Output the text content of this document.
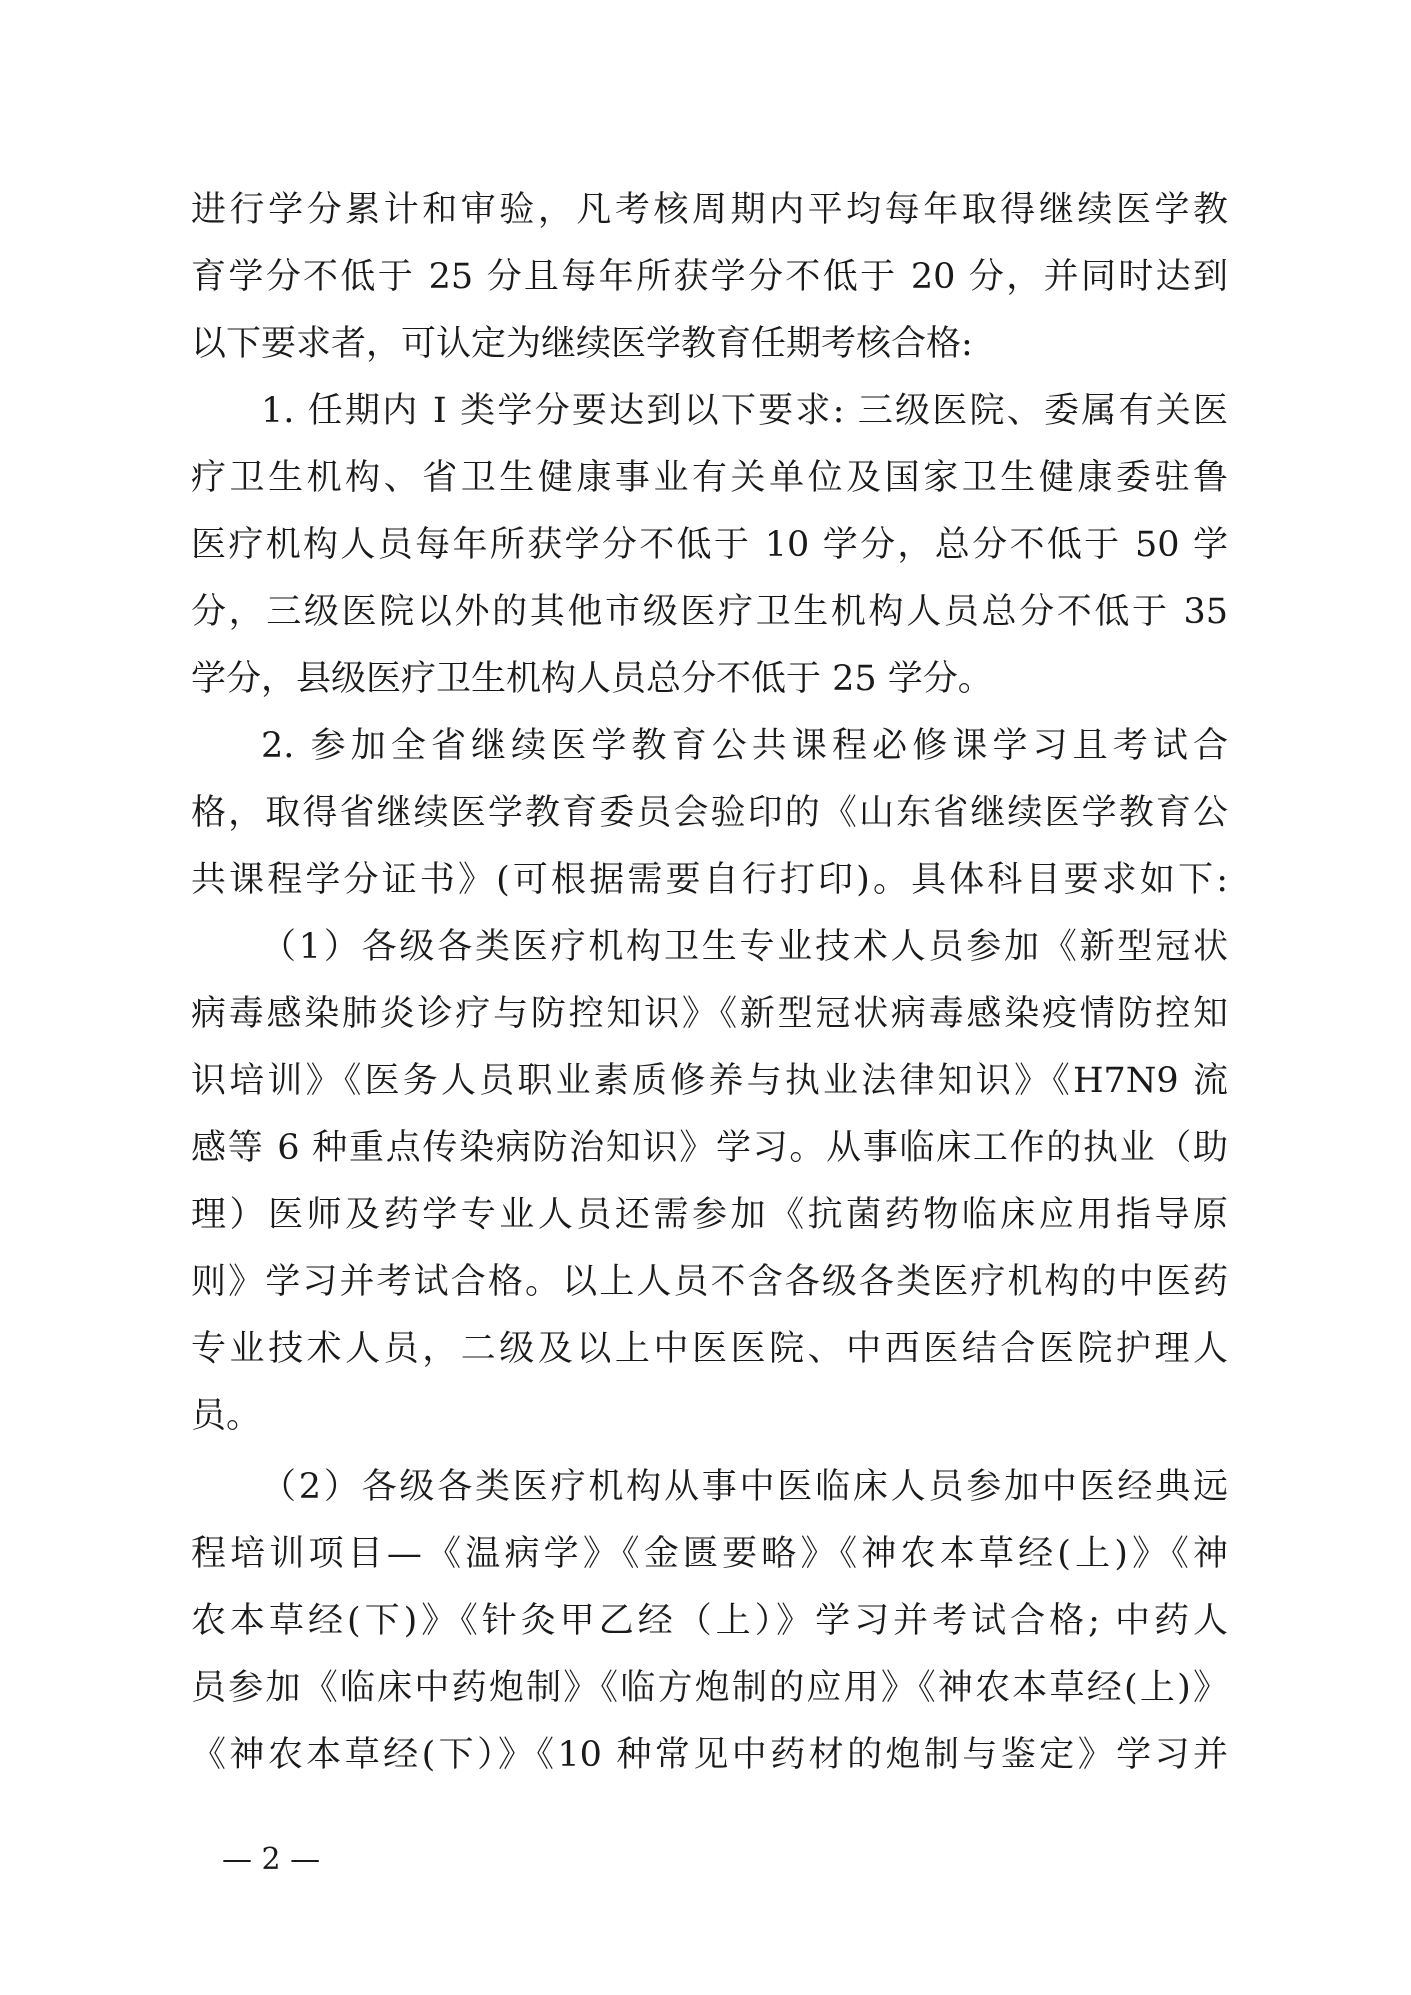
进行学分累计和审验，凡考核周期内平均每年取得继续医学教
育学分不低于 25 分且每年所获学分不低于 20 分，并同时达到
以下要求者，可认定为继续医学教育任期考核合格:
1. 任期内 I 类学分要达到以下要求: 三级医院、委属有关医
疗卫生机构、省卫生健康事业有关单位及国家卫生健康委驻鲁
医疗机构人员每年所获学分不低于 10 学分，总分不低于 50 学
分，三级医院以外的其他市级医疗卫生机构人员总分不低于 35
学分，县级医疗卫生机构人员总分不低于 25 学分。
2. 参加全省继续医学教育公共课程必修课学习且考试合
格，取得省继续医学教育委员会验印的《山东省继续医学教育公
共课程学分证书》(可根据需要自行打印)。具体科目要求如下:
（1）各级各类医疗机构卫生专业技术人员参加《新型冠状
病毒感染肺炎诊疗与防控知识》《新型冠状病毒感染疫情防控知
识培训》《医务人员职业素质修养与执业法律知识》《H7N9 流
感等 6 种重点传染病防治知识》学习。从事临床工作的执业（助
理）医师及药学专业人员还需参加《抗菌药物临床应用指导原
则》学习并考试合格。以上人员不含各级各类医疗机构的中医药
专业技术人员，二级及以上中医医院、中西医结合医院护理人
员。
（2）各级各类医疗机构从事中医临床人员参加中医经典远
程培训项目—《温病学》《金匮要略》《神农本草经(上)》《神
农本草经(下)》《针灸甲乙经（上）》学习并考试合格; 中药人
员参加《临床中药炮制》《临方炮制的应用》《神农本草经(上)》
《神农本草经(下）》《10 种常见中药材的炮制与鉴定》学习并
— 2 —
